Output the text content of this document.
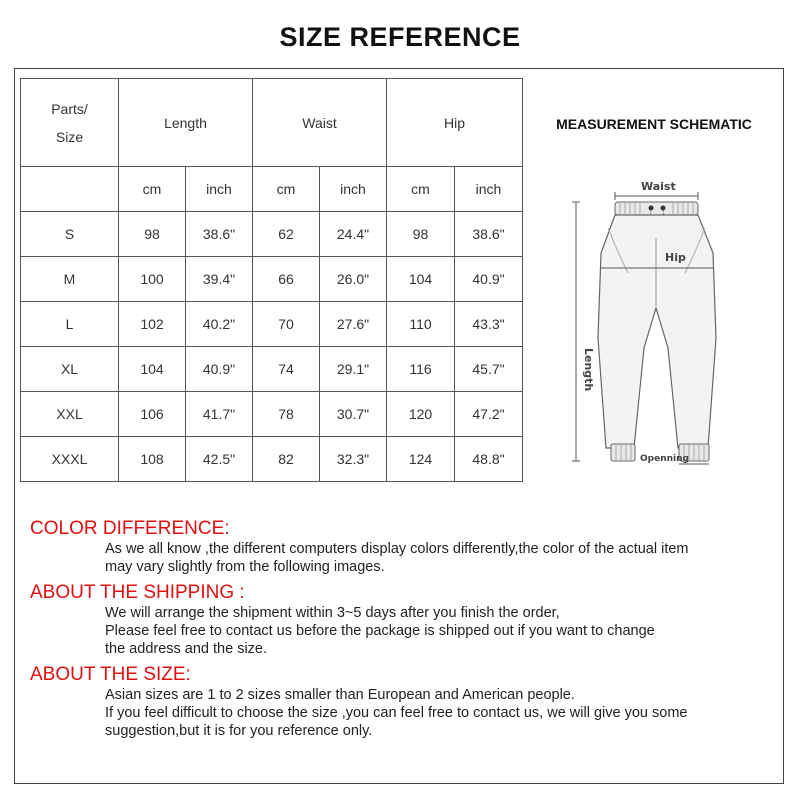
SIZE REFERENCE
Parts/
Size	Length		Waist		Hip	
	cm	inch	cm	inch	cm	inch
S	98	38.6"	62	24.4"	98	38.6"
M	100	39.4"	66	26.0"	104	40.9"
L	102	40.2"	70	27.6"	110	43.3"
XL	104	40.9"	74	29.1"	116	45.7"
XXL	106	41.7"	78	30.7"	120	47.2"
XXXL	108	42.5"	82	32.3"	124	48.8"
MEASUREMENT SCHEMATIC
Waist
Hip
Openning
Length
COLOR DIFFERENCE:
As we all know ,the different computers display colors differently,the color of the actual item
may vary slightly from the following images.
ABOUT THE SHIPPING :
We will arrange the shipment within 3~5 days after you finish the order,
Please feel free to contact us before the package is shipped out if you want to change
the address and the size.
ABOUT THE SIZE:
Asian sizes are 1 to 2 sizes smaller than European and American people.
If you feel difficult to choose the size ,you can feel free to contact us, we will give you some
suggestion,but it is for you reference only.
